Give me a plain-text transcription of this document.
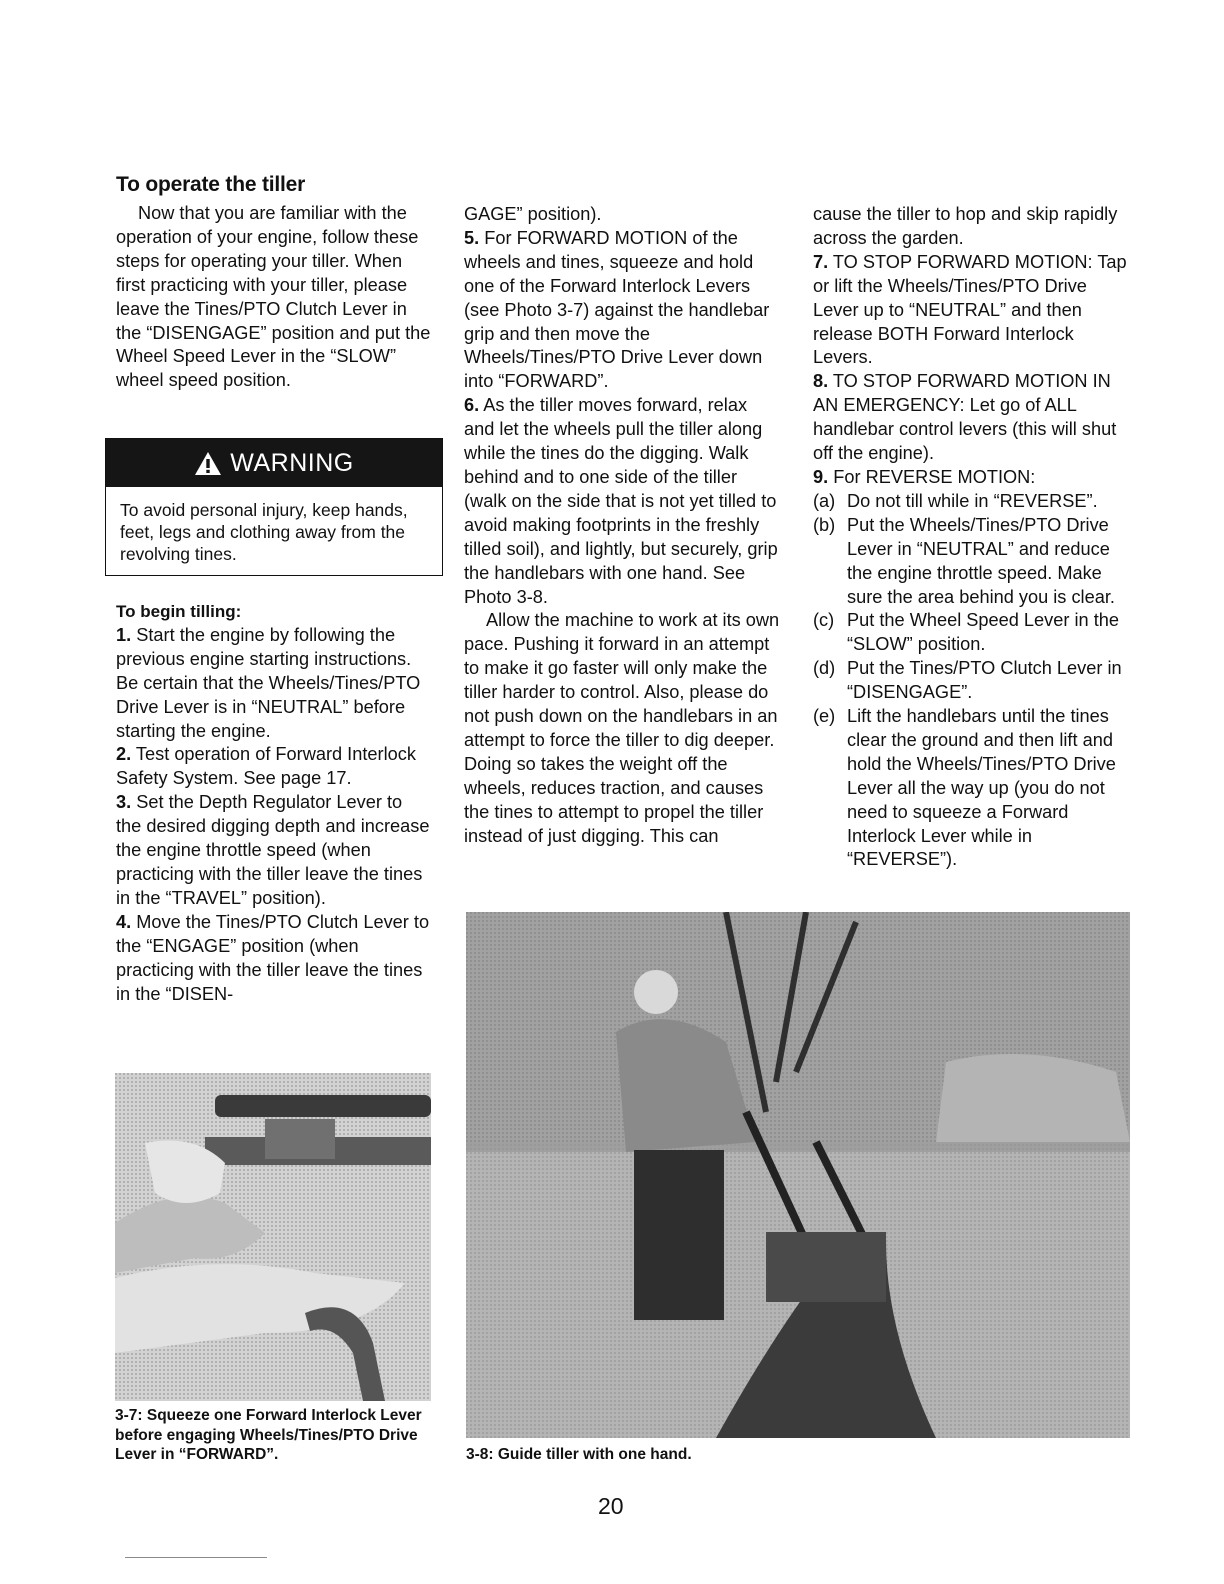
To operate the tiller

Now that you are familiar with the operation of your engine, follow these steps for operating your tiller. When first practicing with your tiller, please leave the Tines/PTO Clutch Lever in the “DISENGAGE” position and put the Wheel Speed Lever in the “SLOW” wheel speed position.

WARNING
To avoid personal injury, keep hands, feet, legs and clothing away from the revolving tines.
To begin tilling:

1. Start the engine by following the previous engine starting instructions. Be certain that the Wheels/Tines/PTO Drive Lever is in “NEUTRAL” before starting the engine.

2. Test operation of Forward Interlock Safety System. See page 17.

3. Set the Depth Regulator Lever to the desired digging depth and increase the engine throttle speed (when practicing with the tiller leave the tines in the “TRAVEL” position).

4. Move the Tines/PTO Clutch Lever to the “ENGAGE” position (when practicing with the tiller leave the tines in the “DISEN-

GAGE” position).

5. For FORWARD MOTION of the wheels and tines, squeeze and hold one of the Forward Interlock Levers (see Photo 3-7) against the handlebar grip and then move the Wheels/Tines/PTO Drive Lever down into “FORWARD”.

6. As the tiller moves forward, relax and let the wheels pull the tiller along while the tines do the digging. Walk behind and to one side of the tiller (walk on the side that is not yet tilled to avoid making footprints in the freshly tilled soil), and lightly, but securely, grip the handlebars with one hand. See Photo 3-8.

Allow the machine to work at its own pace. Pushing it forward in an attempt to make it go faster will only make the tiller harder to control. Also, please do not push down on the handlebars in an attempt to force the tiller to dig deeper. Doing so takes the weight off the wheels, reduces traction, and causes the tines to attempt to propel the tiller instead of just digging. This can

cause the tiller to hop and skip rapidly across the garden.

7. TO STOP FORWARD MOTION: Tap or lift the Wheels/Tines/PTO Drive Lever up to “NEUTRAL” and then release BOTH Forward Interlock Levers.

8. TO STOP FORWARD MOTION IN AN EMERGENCY: Let go of ALL handlebar control levers (this will shut off the engine).

9. For REVERSE MOTION:

(a) Do not till while in “REVERSE”.
(b) Put the Wheels/Tines/PTO Drive Lever in “NEUTRAL” and reduce the engine throttle speed. Make sure the area behind you is clear.
(c) Put the Wheel Speed Lever in the “SLOW” position.
(d) Put the Tines/PTO Clutch Lever in “DISENGAGE”.
(e) Lift the handlebars until the tines clear the ground and then lift and hold the Wheels/Tines/PTO Drive Lever all the way up (you do not need to squeeze a Forward Interlock Lever while in “REVERSE”).
3-7: Squeeze one Forward Interlock Lever before engaging Wheels/Tines/PTO Drive Lever in “FORWARD”.	3-8: Guide tiller with one hand.
20
